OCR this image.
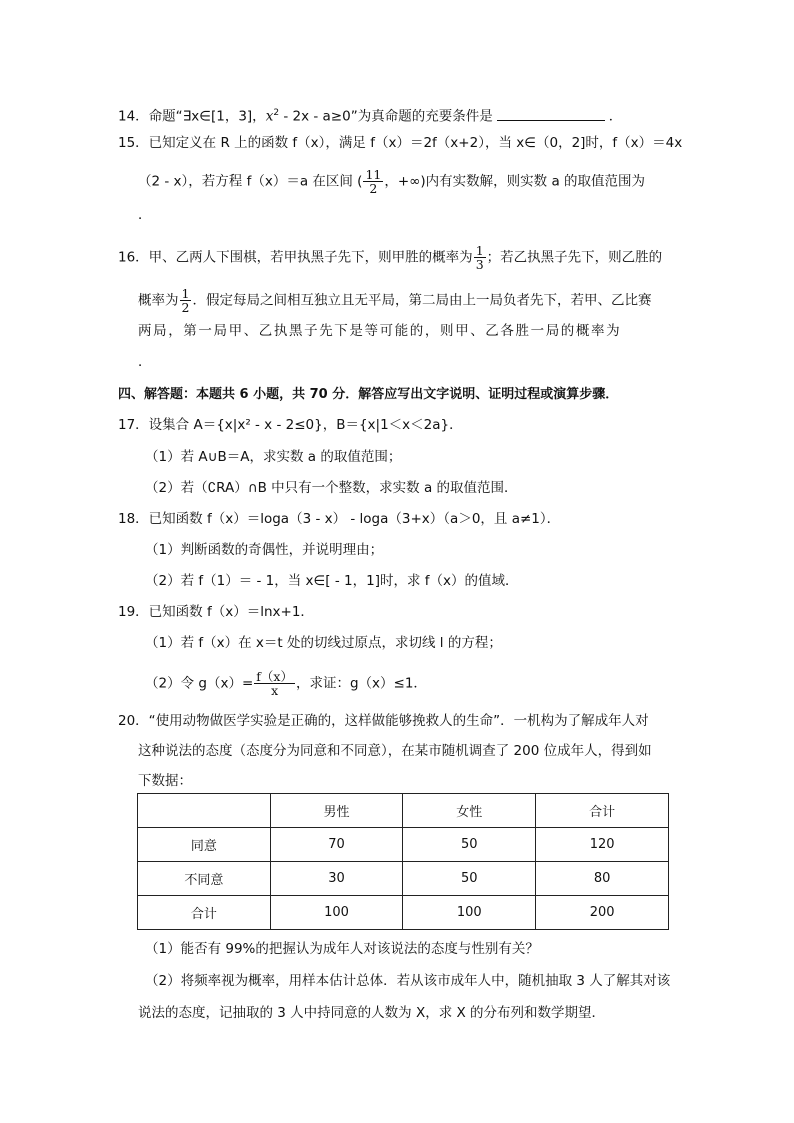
14．命题“∃x∈[1，3]，$x^2 - 2x - a\ge 0$”为真命题的充要条件是	．
15．已知定义在 R 上的函数 f（x），满足 f（x）＝2f（x+2），当 x∈（0，2]时，f（x）＝4x
（2 - x），若方程 f（x）＝a 在区间 ( $\frac{11}{2}$ ，+∞)内有实数解，则实数 a 的取值范围为
．
16．甲、乙两人下围棋，若甲执黑子先下，则甲胜的概率为 $\frac{1}{3}$ ；若乙执黑子先下，则乙胜的
概率为 $\frac{1}{2}$ ．假定每局之间相互独立且无平局，第二局由上一局负者先下，若甲、乙比赛
两局，第一局甲、乙执黑子先下是等可能的，则甲、乙各胜一局的概率为
．
四、解答题：本题共 6 小题，共 70 分．解答应写出文字说明、证明过程或演算步骤．
17．设集合 A＝{x|x² - x - 2≤0}，B＝{x|1＜x＜2a}．
（1）若 A∪B＝A，求实数 a 的取值范围；
（2）若（∁RA）∩B 中只有一个整数，求实数 a 的取值范围．
18．已知函数 f（x）＝loga（3 - x） - loga（3+x）（a＞0，且 a≠1）．
（1）判断函数的奇偶性，并说明理由；
（2）若 f（1）＝ - 1，当 x∈[ - 1，1]时，求 f（x）的值域．
19．已知函数 f（x）＝lnx+1．
（1）若 f（x）在 x＝t 处的切线过原点，求切线 l 的方程；
（2）令 $g(x)= \frac{f(x)}{x}$ ，求证：g（x）≤1．
20．“使用动物做医学实验是正确的，这样做能够挽救人的生命”．一机构为了解成年人对
这种说法的态度（态度分为同意和不同意），在某市随机调查了 200 位成年人，得到如
下数据：
	男性	女性	合计
同意	70	50	120
不同意	30	50	80
合计	100	100	200
（1）能否有 99%的把握认为成年人对该说法的态度与性别有关？
（2）将频率视为概率，用样本估计总体．若从该市成年人中，随机抽取 3 人了解其对该
说法的态度，记抽取的 3 人中持同意的人数为 X，求 X 的分布列和数学期望．
